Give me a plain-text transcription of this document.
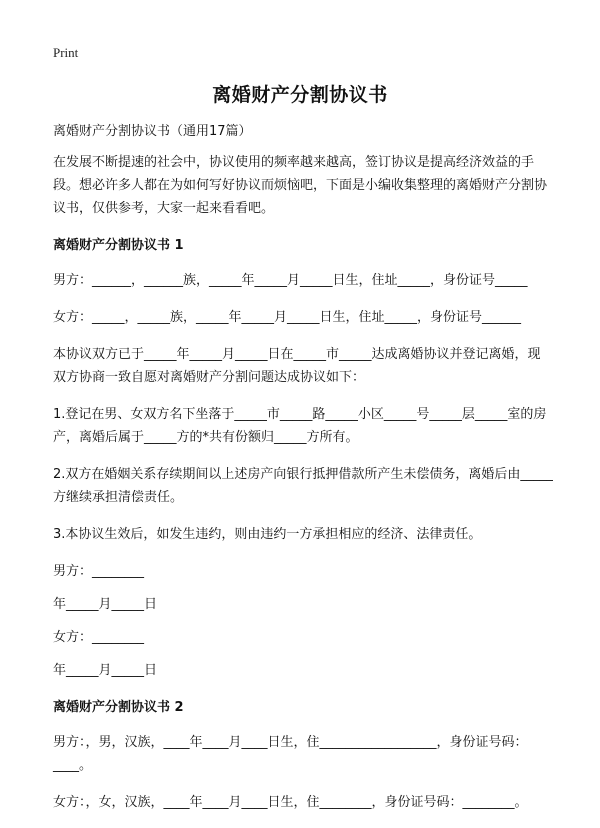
Print
离婚财产分割协议书

离婚财产分割协议书（通用17篇）

在发展不断提速的社会中，协议使用的频率越来越高，签订协议是提高经济效益的手段。想必许多人都在为如何写好协议而烦恼吧，下面是小编收集整理的离婚财产分割协议书，仅供参考，大家一起来看看吧。

离婚财产分割协议书 1

男方：______，______族，_____年_____月_____日生，住址_____，身份证号_____

女方：_____，_____族，_____年_____月_____日生，住址_____，身份证号______

本协议双方已于_____年_____月_____日在_____市_____达成离婚协议并登记离婚，现双方协商一致自愿对离婚财产分割问题达成协议如下：

1.登记在男、女双方名下坐落于_____市_____路_____小区_____号_____层_____室的房产，离婚后属于_____方的*共有份额归_____方所有。

2.双方在婚姻关系存续期间以上述房产向银行抵押借款所产生未偿债务，离婚后由_____方继续承担清偿责任。

3.本协议生效后，如发生违约，则由违约一方承担相应的经济、法律责任。

男方：________

年_____月_____日

女方：________

年_____月_____日

离婚财产分割协议书 2

男方：，男，汉族，____年____月____日生，住__________________，身份证号码：____。

女方：，女，汉族，____年____月____日生，住________，身份证号码：________。
